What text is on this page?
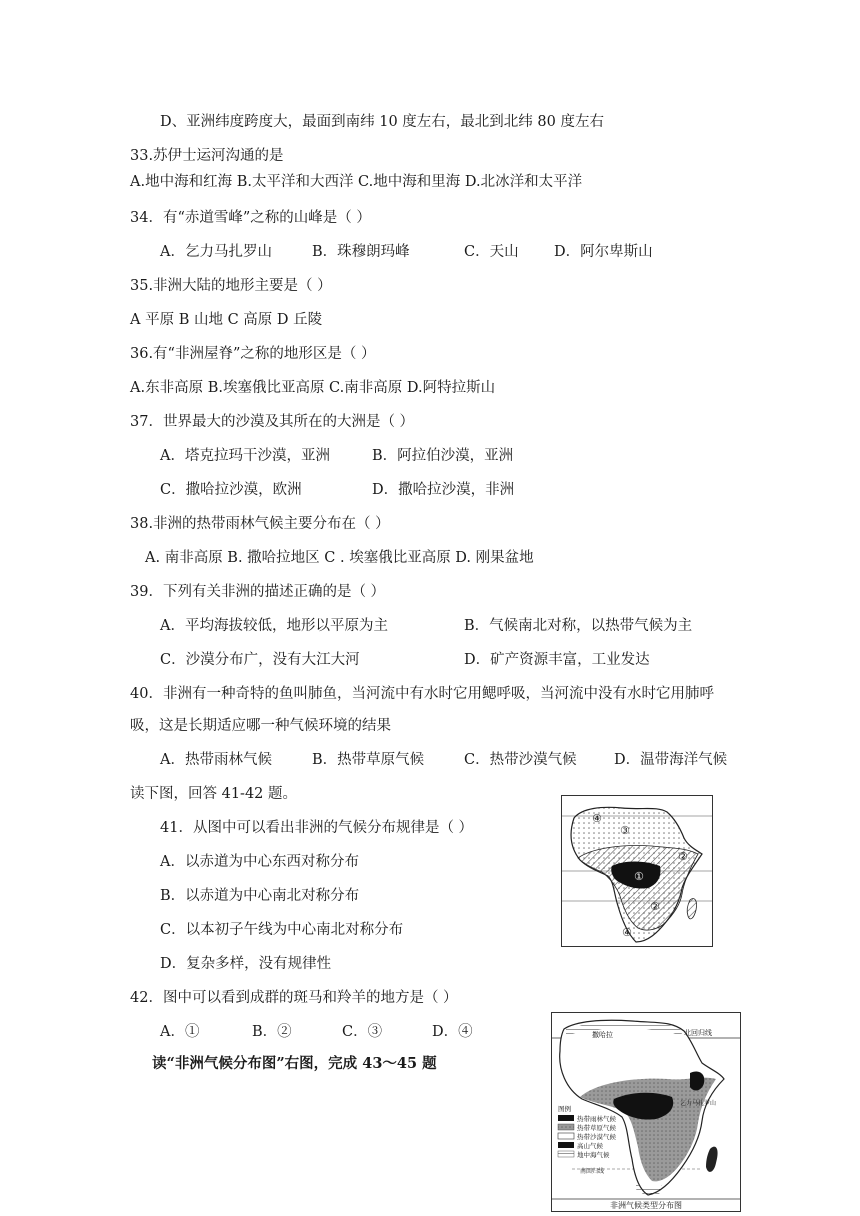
D、亚洲纬度跨度大，最面到南纬 10 度左右，最北到北纬 80 度左右
33.苏伊士运河沟通的是
A.地中海和红海 B.太平洋和大西洋 C.地中海和里海 D.北冰洋和太平洋
34．有“赤道雪峰”之称的山峰是（ ）
A．乞力马扎罗山	B．珠穆朗玛峰	C．天山 D．阿尔卑斯山
35.非洲大陆的地形主要是（ ）
A 平原 B 山地 C 高原 D 丘陵
36.有“非洲屋脊”之称的地形区是（ ）
A.东非高原 B.埃塞俄比亚高原 C.南非高原 D.阿特拉斯山
37．世界最大的沙漠及其所在的大洲是（ ）
A．塔克拉玛干沙漠，亚洲	B．阿拉伯沙漠，亚洲
C．撒哈拉沙漠，欧洲	D．撒哈拉沙漠，非洲
38.非洲的热带雨林气候主要分布在（ ）
A. 南非高原 B. 撒哈拉地区 C . 埃塞俄比亚高原 D. 刚果盆地
39．下列有关非洲的描述正确的是（ ）
A．平均海拔较低，地形以平原为主	B．气候南北对称，以热带气候为主
C．沙漠分布广，没有大江大河	D．矿产资源丰富，工业发达
40．非洲有一种奇特的鱼叫肺鱼，当河流中有水时它用鳃呼吸，当河流中没有水时它用肺呼
吸，这是长期适应哪一种气候环境的结果
A．热带雨林气候	B．热带草原气候	C．热带沙漠气候	D．温带海洋气候
读下图，回答 41-42 题。
41．从图中可以看出非洲的气候分布规律是（ ）
A．以赤道为中心东西对称分布
B．以赤道为中心南北对称分布
C．以本初子午线为中心南北对称分布
D．复杂多样，没有规律性
42．图中可以看到成群的斑马和羚羊的地方是（ ）
A．①	B．②	C．③	D．④
读“非洲气候分布图”右图，完成 43～45 题
④
③
②
①
②
④
撒哈拉	北回归线
乞力马扎罗山
南回归线
图例
热带雨林气候
热带草原气候
热带沙漠气候
高山气候
地中海气候
非洲气候类型分布图
